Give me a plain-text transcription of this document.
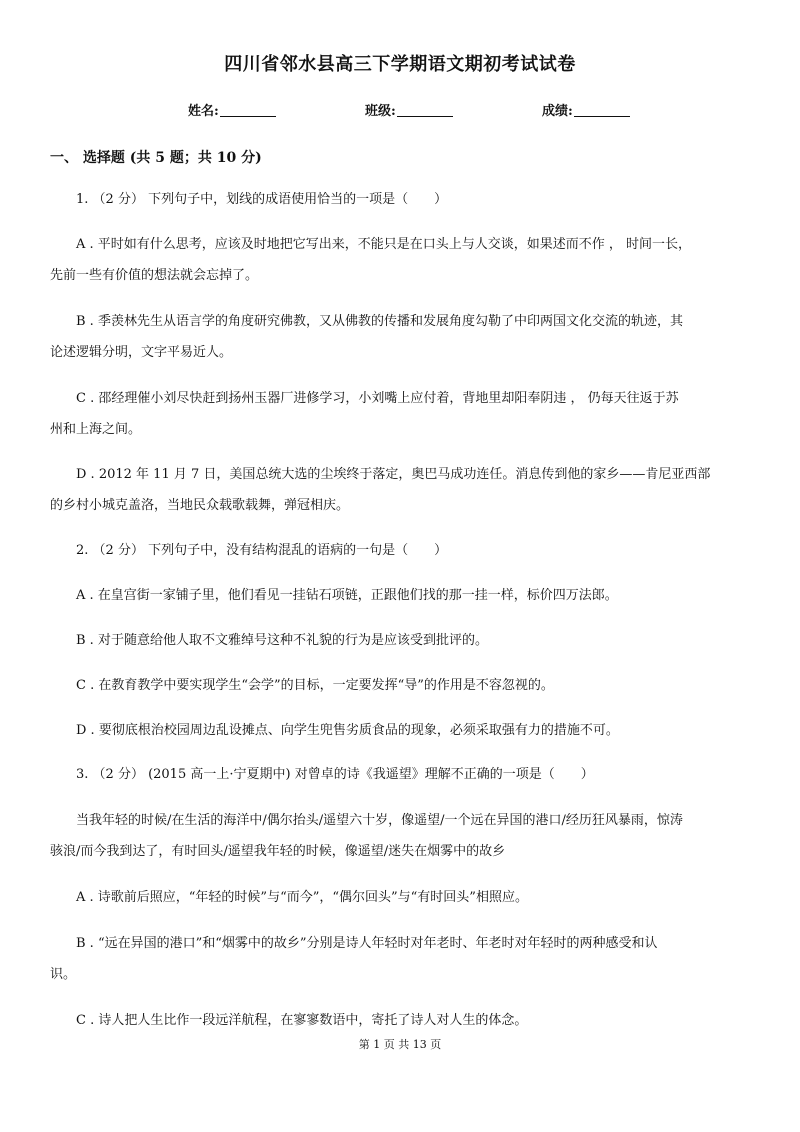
四川省邻水县高三下学期语文期初考试试卷
姓名:	班级:	成绩:
一、 选择题 (共 5 题；共 10 分)
1. （2 分） 下列句子中，划线的成语使用恰当的一项是（　　）
A . 平时如有什么思考，应该及时地把它写出来，不能只是在口头上与人交谈，如果述而不作 ， 时间一长，
先前一些有价值的想法就会忘掉了。
B . 季羡林先生从语言学的角度研究佛教，又从佛教的传播和发展角度勾勒了中印两国文化交流的轨迹，其
论述逻辑分明，文字平易近人。
C . 邵经理催小刘尽快赶到扬州玉器厂进修学习，小刘嘴上应付着，背地里却阳奉阴违 ， 仍每天往返于苏
州和上海之间。
D . 2012 年 11 月 7 日，美国总统大选的尘埃终于落定，奥巴马成功连任。消息传到他的家乡——肯尼亚西部
的乡村小城克盖洛，当地民众载歌载舞，弹冠相庆。
2. （2 分） 下列句子中，没有结构混乱的语病的一句是（　　）
A . 在皇宫街一家铺子里，他们看见一挂钻石项链，正跟他们找的那一挂一样，标价四万法郎。
B . 对于随意给他人取不文雅绰号这种不礼貌的行为是应该受到批评的。
C . 在教育教学中要实现学生“会学”的目标，一定要发挥“导”的作用是不容忽视的。
D . 要彻底根治校园周边乱设摊点、向学生兜售劣质食品的现象，必须采取强有力的措施不可。
3. （2 分） (2015 高一上·宁夏期中) 对曾卓的诗《我遥望》理解不正确的一项是（　　）
当我年轻的时候/在生活的海洋中/偶尔抬头/遥望六十岁，像遥望/一个远在异国的港口/经历狂风暴雨，惊涛
骇浪/而今我到达了，有时回头/遥望我年轻的时候，像遥望/迷失在烟雾中的故乡
A . 诗歌前后照应，“年轻的时候”与“而今”，“偶尔回头”与“有时回头”相照应。
B . “远在异国的港口”和“烟雾中的故乡”分别是诗人年轻时对年老时、年老时对年轻时的两种感受和认
识。
C . 诗人把人生比作一段远洋航程，在寥寥数语中，寄托了诗人对人生的体念。
第 1 页 共 13 页
